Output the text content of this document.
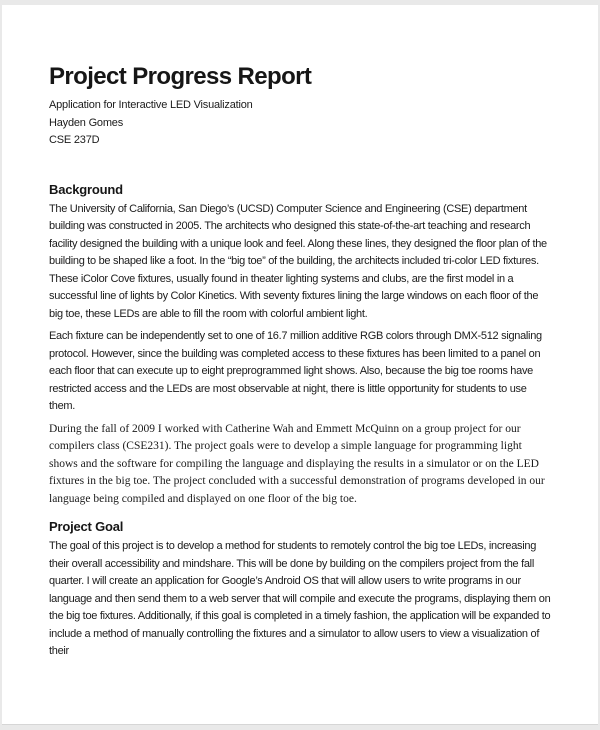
Project Progress Report
Application for Interactive LED Visualization
Hayden Gomes
CSE 237D
Background

The University of California, San Diego’s (UCSD) Computer Science and Engineering (CSE) department building was constructed in 2005. The architects who designed this state-of-the-art teaching and research facility designed the building with a unique look and feel. Along these lines, they designed the floor plan of the building to be shaped like a foot. In the “big toe” of the building, the architects included tri-color LED fixtures. These iColor Cove fixtures, usually found in theater lighting systems and clubs, are the first model in a successful line of lights by Color Kinetics. With seventy fixtures lining the large windows on each floor of the big toe, these LEDs are able to fill the room with colorful ambient light.

Each fixture can be independently set to one of 16.7 million additive RGB colors through DMX-512 signaling protocol. However, since the building was completed access to these fixtures has been limited to a panel on each floor that can execute up to eight preprogrammed light shows. Also, because the big toe rooms have restricted access and the LEDs are most observable at night, there is little opportunity for students to use them.

During the fall of 2009 I worked with Catherine Wah and Emmett McQuinn on a group project for our compilers class (CSE231). The project goals were to develop a simple language for programming light shows and the software for compiling the language and displaying the results in a simulator or on the LED fixtures in the big toe. The project concluded with a successful demonstration of programs developed in our language being compiled and displayed on one floor of the big toe.

Project Goal

The goal of this project is to develop a method for students to remotely control the big toe LEDs, increasing their overall accessibility and mindshare. This will be done by building on the compilers project from the fall quarter. I will create an application for Google’s Android OS that will allow users to write programs in our language and then send them to a web server that will compile and execute the programs, displaying them on the big toe fixtures. Additionally, if this goal is completed in a timely fashion, the application will be expanded to include a method of manually controlling the fixtures and a simulator to allow users to view a visualization of their
